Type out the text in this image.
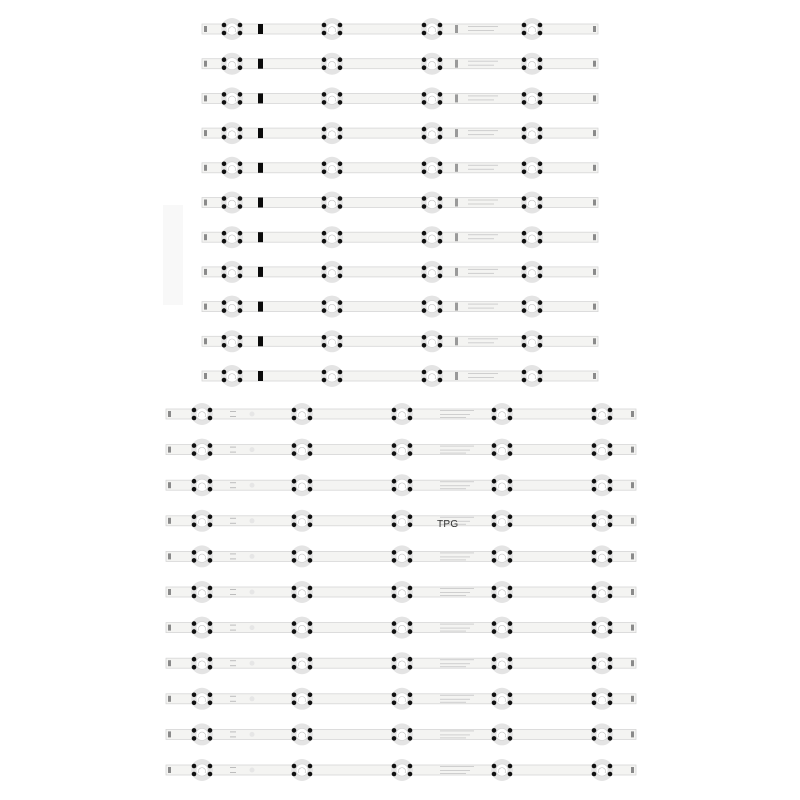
TPG
